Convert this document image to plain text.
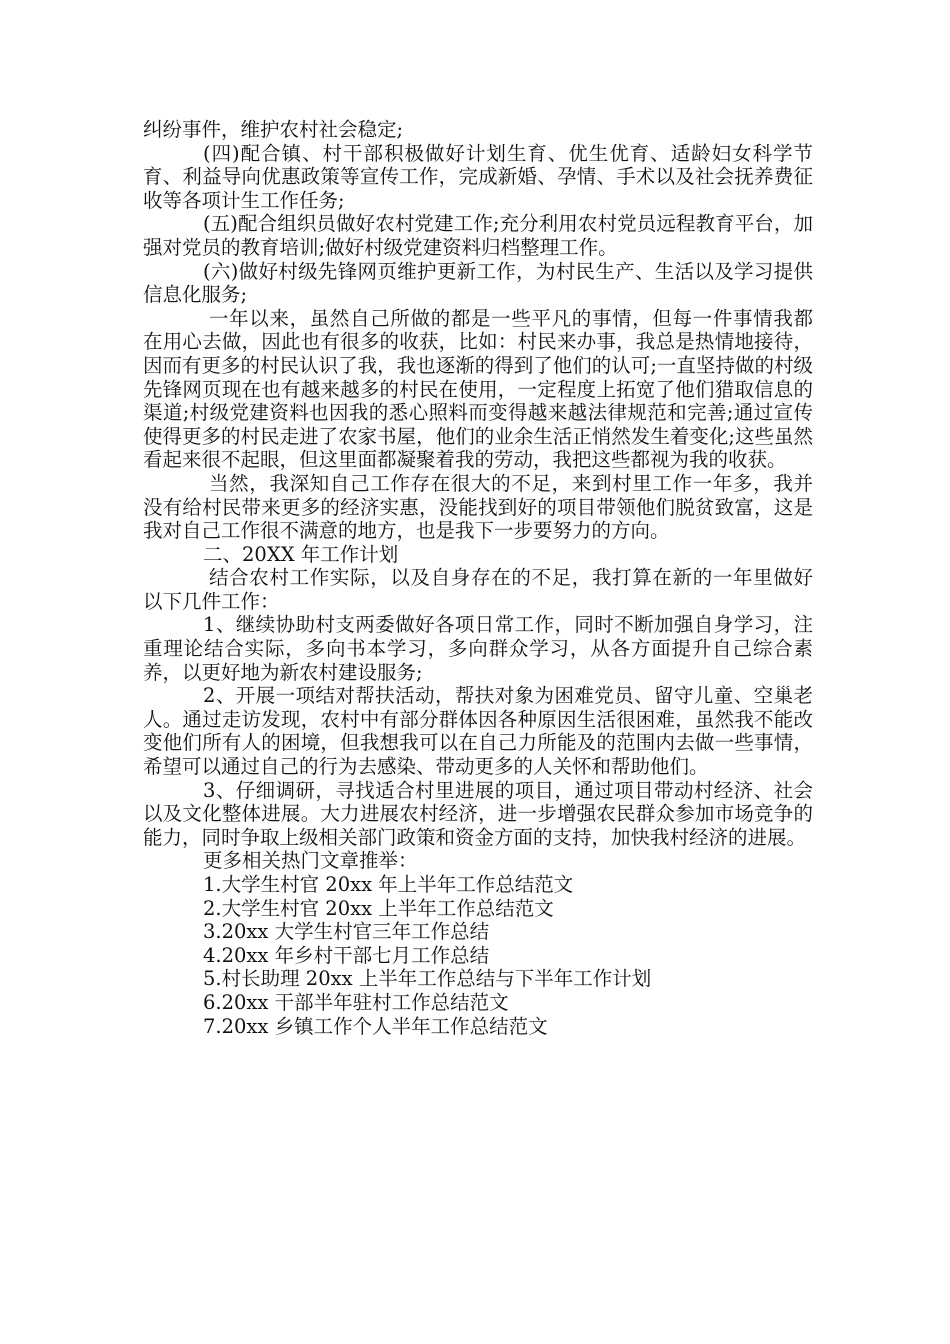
纠纷事件，维护农村社会稳定;

(四)配合镇、村干部积极做好计划生育、优生优育、适龄妇女科学节育、利益导向优惠政策等宣传工作，完成新婚、孕情、手术以及社会抚养费征收等各项计生工作任务;

(五)配合组织员做好农村党建工作;充分利用农村党员远程教育平台，加强对党员的教育培训;做好村级党建资料归档整理工作。

(六)做好村级先锋网页维护更新工作，为村民生产、生活以及学习提供信息化服务;

一年以来，虽然自己所做的都是一些平凡的事情，但每一件事情我都在用心去做，因此也有很多的收获，比如：村民来办事，我总是热情地接待，因而有更多的村民认识了我，我也逐渐的得到了他们的认可;一直坚持做的村级先锋网页现在也有越来越多的村民在使用，一定程度上拓宽了他们猎取信息的渠道;村级党建资料也因我的悉心照料而变得越来越法律规范和完善;通过宣传使得更多的村民走进了农家书屋，他们的业余生活正悄然发生着变化;这些虽然看起来很不起眼，但这里面都凝聚着我的劳动，我把这些都视为我的收获。

当然，我深知自己工作存在很大的不足，来到村里工作一年多，我并没有给村民带来更多的经济实惠，没能找到好的项目带领他们脱贫致富，这是我对自己工作很不满意的地方，也是我下一步要努力的方向。

二、20XX 年工作计划

结合农村工作实际，以及自身存在的不足，我打算在新的一年里做好以下几件工作：

1、继续协助村支两委做好各项日常工作，同时不断加强自身学习，注重理论结合实际，多向书本学习，多向群众学习，从各方面提升自己综合素养，以更好地为新农村建设服务;

2、开展一项结对帮扶活动，帮扶对象为困难党员、留守儿童、空巢老人。通过走访发现，农村中有部分群体因各种原因生活很困难，虽然我不能改变他们所有人的困境，但我想我可以在自己力所能及的范围内去做一些事情，希望可以通过自己的行为去感染、带动更多的人关怀和帮助他们。

3、仔细调研，寻找适合村里进展的项目，通过项目带动村经济、社会以及文化整体进展。大力进展农村经济，进一步增强农民群众参加市场竞争的能力，同时争取上级相关部门政策和资金方面的支持，加快我村经济的进展。

更多相关热门文章推举：

1.大学生村官 20xx 年上半年工作总结范文
2.大学生村官 20xx 上半年工作总结范文
3.20xx 大学生村官三年工作总结
4.20xx 年乡村干部七月工作总结
5.村长助理 20xx 上半年工作总结与下半年工作计划
6.20xx 干部半年驻村工作总结范文
7.20xx 乡镇工作个人半年工作总结范文
